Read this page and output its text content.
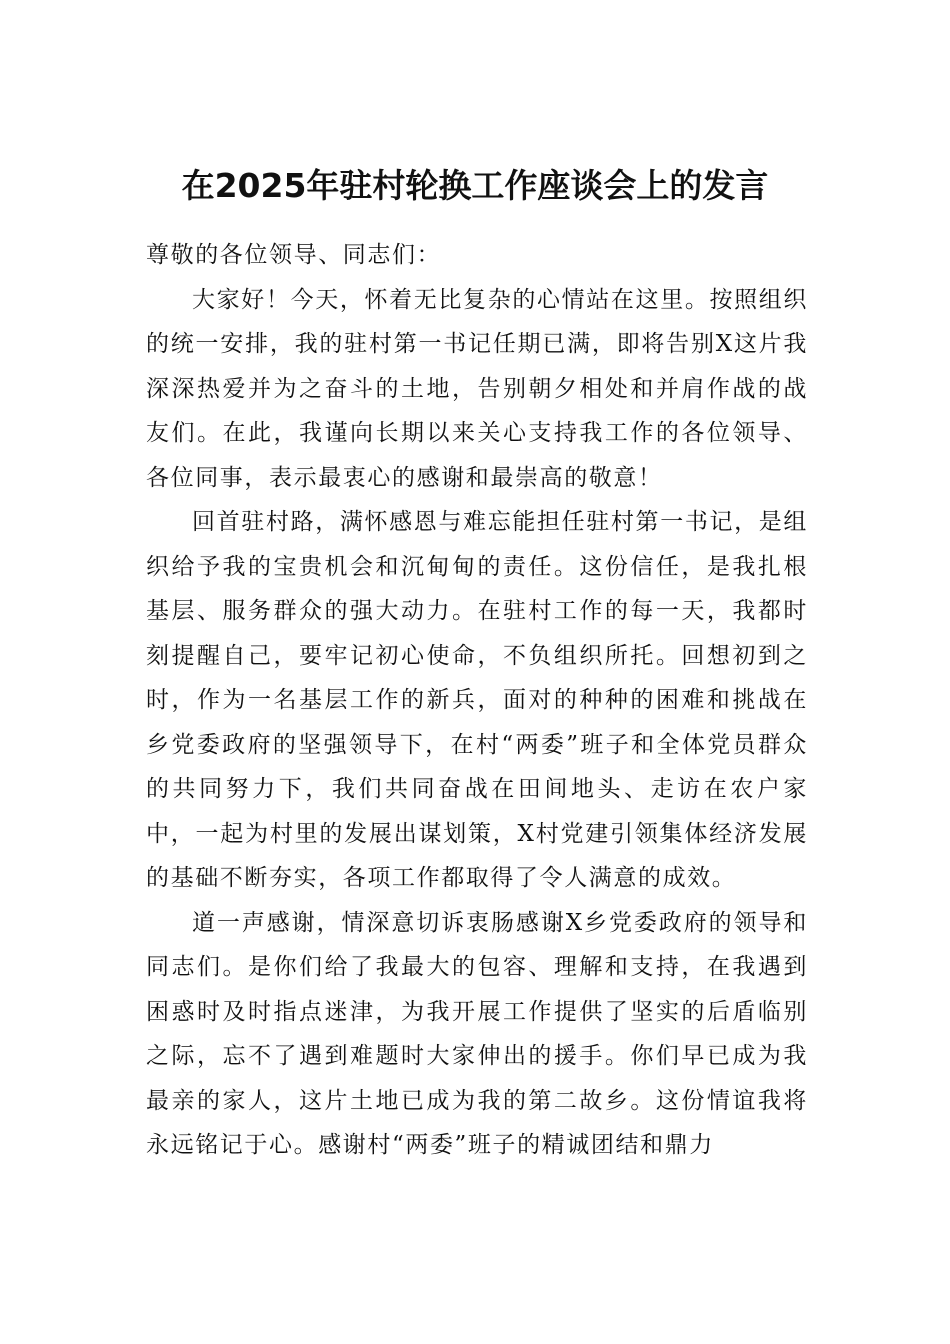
在2025年驻村轮换工作座谈会上的发言

尊敬的各位领导、同志们：

大家好！今天，怀着无比复杂的心情站在这里。按照组织的统一安排，我的驻村第一书记任期已满，即将告别X这片我深深热爱并为之奋斗的土地，告别朝夕相处和并肩作战的战友们。在此，我谨向长期以来关心支持我工作的各位领导、各位同事，表示最衷心的感谢和最崇高的敬意！

回首驻村路，满怀感恩与难忘能担任驻村第一书记，是组织给予我的宝贵机会和沉甸甸的责任。这份信任，是我扎根基层、服务群众的强大动力。在驻村工作的每一天，我都时刻提醒自己，要牢记初心使命，不负组织所托。回想初到之时，作为一名基层工作的新兵，面对的种种的困难和挑战在乡党委政府的坚强领导下，在村“两委”班子和全体党员群众的共同努力下，我们共同奋战在田间地头、走访在农户家中，一起为村里的发展出谋划策，X村党建引领集体经济发展的基础不断夯实，各项工作都取得了令人满意的成效。

道一声感谢，情深意切诉衷肠感谢X乡党委政府的领导和同志们。是你们给了我最大的包容、理解和支持，在我遇到困惑时及时指点迷津，为我开展工作提供了坚实的后盾临别之际，忘不了遇到难题时大家伸出的援手。你们早已成为我最亲的家人，这片土地已成为我的第二故乡。这份情谊我将永远铭记于心。感谢村“两委”班子的精诚团结和鼎力
